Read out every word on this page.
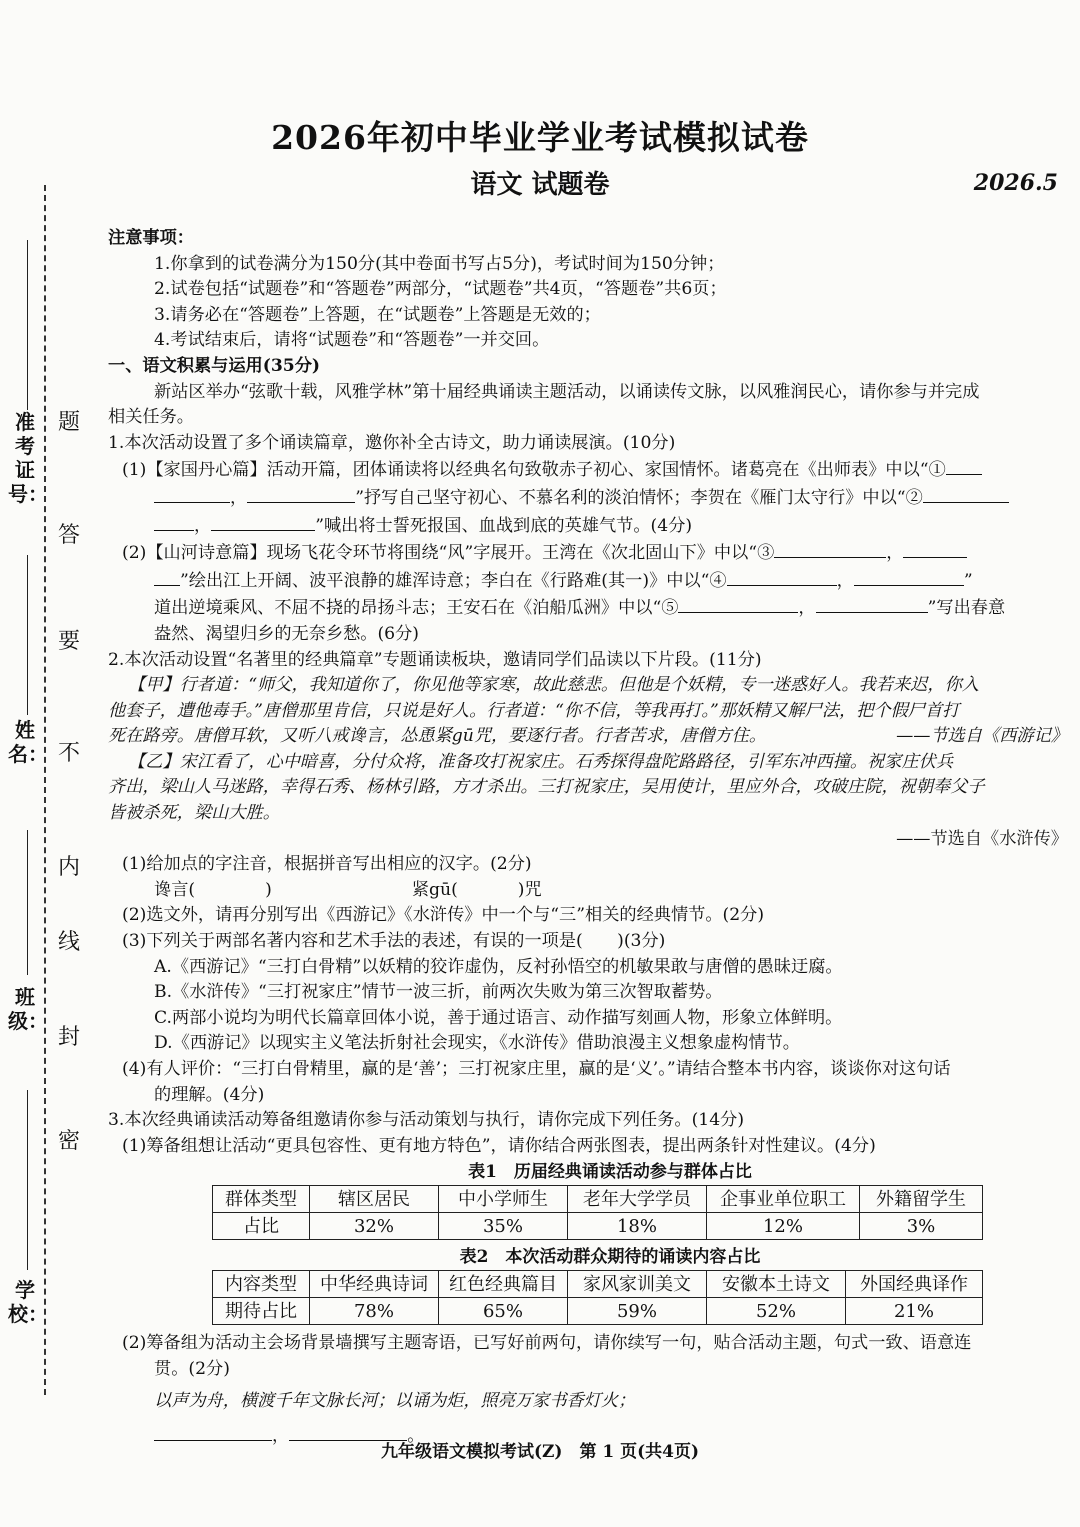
2026年初中毕业学业考试模拟试卷
语文 试题卷	2026.5
题
答
要
不
内
线
封
密
准考证号：
姓名：
班级：
学校：

注意事项：

1.你拿到的试卷满分为150分(其中卷面书写占5分)，考试时间为150分钟；

2.试卷包括“试题卷”和“答题卷”两部分，“试题卷”共4页，“答题卷”共6页；

3.请务必在“答题卷”上答题，在“试题卷”上答题是无效的；

4.考试结束后，请将“试题卷”和“答题卷”一并交回。

一、语文积累与运用(35分)

新站区举办“弦歌十载，风雅学林”第十届经典诵读主题活动，以诵读传文脉，以风雅润民心，请你参与并完成

相关任务。

1.本次活动设置了多个诵读篇章，邀你补全古诗文，助力诵读展演。(10分)

(1)【家国丹心篇】活动开篇，团体诵读将以经典名句致敬赤子初心、家国情怀。诸葛亮在《出师表》中以“①

，	”抒写自己坚守初心、不慕名利的淡泊情怀；李贺在《雁门太守行》中以“②

，	”喊出将士誓死报国、血战到底的英雄气节。(4分)

(2)【山河诗意篇】现场飞花令环节将围绕“风”字展开。王湾在《次北固山下》中以“③	，

”绘出江上开阔、波平浪静的雄浑诗意；李白在《行路难(其一)》中以“④	，	”

道出逆境乘风、不屈不挠的昂扬斗志；王安石在《泊船瓜洲》中以“⑤	，	”写出春意

盎然、渴望归乡的无奈乡愁。(6分)

2.本次活动设置“名著里的经典篇章”专题诵读板块，邀请同学们品读以下片段。(11分)

【甲】行者道：“师父，我知道你了，你见他等家寒，故此慈悲。但他是个妖精，专一迷惑好人。我若来迟，你入

他套子，遭他毒手。”唐僧那里肯信，只说是好人。行者道：“你不信，等我再打。”那妖精又解尸法，把个假尸首打

死在路旁。唐僧耳软，又听八戒谗言，怂恿紧gū咒，要逐行者。行者苦求，唐僧方住。	——节选自《西游记》

【乙】宋江看了，心中暗喜，分付众将，准备攻打祝家庄。石秀探得盘陀路路径，引军东冲西撞。祝家庄伏兵

齐出，梁山人马迷路，幸得石秀、杨林引路，方才杀出。三打祝家庄，吴用使计，里应外合，攻破庄院，祝朝奉父子

皆被杀死，梁山大胜。

——节选自《水浒传》

(1)给加点的字注音，根据拼音写出相应的汉字。(2分)

谗言(	)	紧gū(	)咒

(2)选文外，请再分别写出《西游记》《水浒传》中一个与“三”相关的经典情节。(2分)

(3)下列关于两部名著内容和艺术手法的表述，有误的一项是(　　)(3分)

A.《西游记》“三打白骨精”以妖精的狡诈虚伪，反衬孙悟空的机敏果敢与唐僧的愚昧迂腐。

B.《水浒传》“三打祝家庄”情节一波三折，前两次失败为第三次智取蓄势。

C.两部小说均为明代长篇章回体小说，善于通过语言、动作描写刻画人物，形象立体鲜明。

D.《西游记》以现实主义笔法折射社会现实，《水浒传》借助浪漫主义想象虚构情节。

(4)有人评价：“三打白骨精里，赢的是‘善’；三打祝家庄里，赢的是‘义’。”请结合整本书内容，谈谈你对这句话

的理解。(4分)

3.本次经典诵读活动筹备组邀请你参与活动策划与执行，请你完成下列任务。(14分)

(1)筹备组想让活动“更具包容性、更有地方特色”，请你结合两张图表，提出两条针对性建议。(4分)

表1　历届经典诵读活动参与群体占比
群体类型	辖区居民	中小学师生	老年大学学员	企事业单位职工	外籍留学生
占比	32%	35%	18%	12%	3%
表2　本次活动群众期待的诵读内容占比
内容类型	中华经典诗词	红色经典篇目	家风家训美文	安徽本土诗文	外国经典译作
期待占比	78%	65%	59%	52%	21%

(2)筹备组为活动主会场背景墙撰写主题寄语，已写好前两句，请你续写一句，贴合活动主题，句式一致、语意连

贯。(2分)

以声为舟，横渡千年文脉长河；以诵为炬，照亮万家书香灯火；

，	。

九年级语文模拟考试(Z)　第 1 页(共4页)
